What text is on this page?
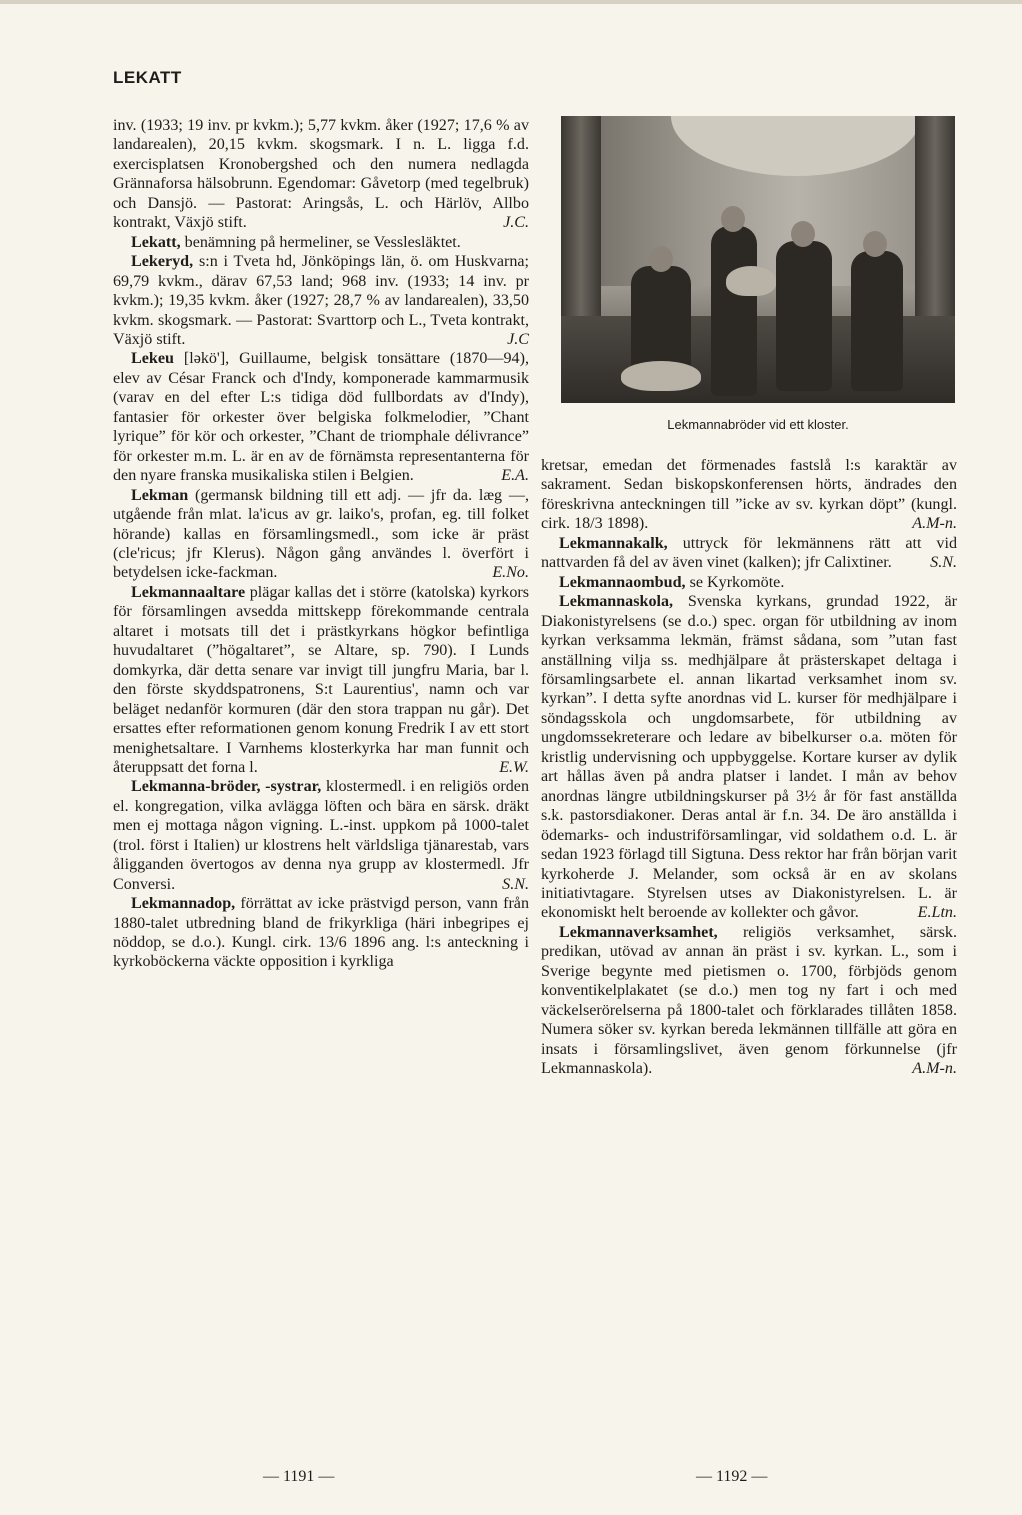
LEKATT

inv. (1933; 19 inv. pr kvkm.); 5,77 kvkm. åker (1927; 17,6 % av landarealen), 20,15 kvkm. skogsmark. I n. L. ligga f.d. exercisplatsen Kronobergshed och den numera nedlagda Grännaforsa hälsobrunn. Egendomar: Gåvetorp (med tegelbruk) och Dansjö. — Pastorat: Aringsås, L. och Härlöv, Allbo kontrakt, Växjö stift.	J.C.

Lekatt, benämning på hermeliner, se Vesslesläktet.

Lekeryd, s:n i Tveta hd, Jönköpings län, ö. om Huskvarna; 69,79 kvkm., därav 67,53 land; 968 inv. (1933; 14 inv. pr kvkm.); 19,35 kvkm. åker (1927; 28,7 % av landarealen), 33,50 kvkm. skogsmark. — Pastorat: Svarttorp och L., Tveta kontrakt, Växjö stift.	J.C

Lekeu [ləkö'], Guillaume, belgisk tonsättare (1870—94), elev av César Franck och d'Indy, komponerade kammarmusik (varav en del efter L:s tidiga död fullbordats av d'Indy), fantasier för orkester över belgiska folkmelodier, ”Chant lyrique” för kör och orkester, ”Chant de triomphale délivrance” för orkester m.m. L. är en av de förnämsta representanterna för den nyare franska musikaliska stilen i Belgien.	E.A.

Lekman (germansk bildning till ett adj. — jfr da. læg —, utgående från mlat. la'icus av gr. laiko's, profan, eg. till folket hörande) kallas en församlingsmedl., som icke är präst (cle'ricus; jfr Klerus). Någon gång användes l. överfört i betydelsen icke-fackman.	E.No.

Lekmannaaltare plägar kallas det i större (katolska) kyrkors för församlingen avsedda mittskepp förekommande centrala altaret i motsats till det i prästkyrkans högkor befintliga huvudaltaret (”högaltaret”, se Altare, sp. 790). I Lunds domkyrka, där detta senare var invigt till jungfru Maria, bar l. den förste skyddspatronens, S:t Laurentius', namn och var beläget nedanför kormuren (där den stora trappan nu går). Det ersattes efter reformationen genom konung Fredrik I av ett stort menighetsaltare. I Varnhems klosterkyrka har man funnit och återuppsatt det forna l.	E.W.

Lekmanna-bröder, -systrar, klostermedl. i en religiös orden el. kongregation, vilka avlägga löften och bära en särsk. dräkt men ej mottaga någon vigning. L.-inst. uppkom på 1000-talet (trol. först i Italien) ur klostrens helt världsliga tjänarestab, vars åligganden övertogos av denna nya grupp av klostermedl. Jfr Conversi.	S.N.

Lekmannadop, förrättat av icke prästvigd person, vann från 1880-talet utbredning bland de frikyrkliga (häri inbegripes ej nöddop, se d.o.). Kungl. cirk. 13/6 1896 ang. l:s anteckning i kyrkoböckerna väckte opposition i kyrkliga

Lekmannabröder vid ett kloster.

kretsar, emedan det förmenades fastslå l:s karaktär av sakrament. Sedan biskopskonferensen hörts, ändrades den föreskrivna anteckningen till ”icke av sv. kyrkan döpt” (kungl. cirk. 18/3 1898).	A.M-n.

Lekmannakalk, uttryck för lekmännens rätt att vid nattvarden få del av även vinet (kalken); jfr Calixtiner.	S.N.

Lekmannaombud, se Kyrkomöte.

Lekmannaskola, Svenska kyrkans, grundad 1922, är Diakonistyrelsens (se d.o.) spec. organ för utbildning av inom kyrkan verksamma lekmän, främst sådana, som ”utan fast anställning vilja ss. medhjälpare åt prästerskapet deltaga i församlingsarbete el. annan likartad verksamhet inom sv. kyrkan”. I detta syfte anordnas vid L. kurser för medhjälpare i söndagsskola och ungdomsarbete, för utbildning av ungdomssekreterare och ledare av bibelkurser o.a. möten för kristlig undervisning och uppbyggelse. Kortare kurser av dylik art hållas även på andra platser i landet. I mån av behov anordnas längre utbildningskurser på 3½ år för fast anställda s.k. pastorsdiakoner. Deras antal är f.n. 34. De äro anställda i ödemarks- och industriförsamlingar, vid soldathem o.d. L. är sedan 1923 förlagd till Sigtuna. Dess rektor har från början varit kyrkoherde J. Melander, som också är en av skolans initiativtagare. Styrelsen utses av Diakonistyrelsen. L. är ekonomiskt helt beroende av kollekter och gåvor.	E.Ltn.

Lekmannaverksamhet, religiös verksamhet, särsk. predikan, utövad av annan än präst i sv. kyrkan. L., som i Sverige begynte med pietismen o. 1700, förbjöds genom konventikelplakatet (se d.o.) men tog ny fart i och med väckelserörelserna på 1800-talet och förklarades tillåten 1858. Numera söker sv. kyrkan bereda lekmännen tillfälle att göra en insats i församlingslivet, även genom förkunnelse (jfr Lekmannaskola).	A.M-n.

— 1191 —	— 1192 —
